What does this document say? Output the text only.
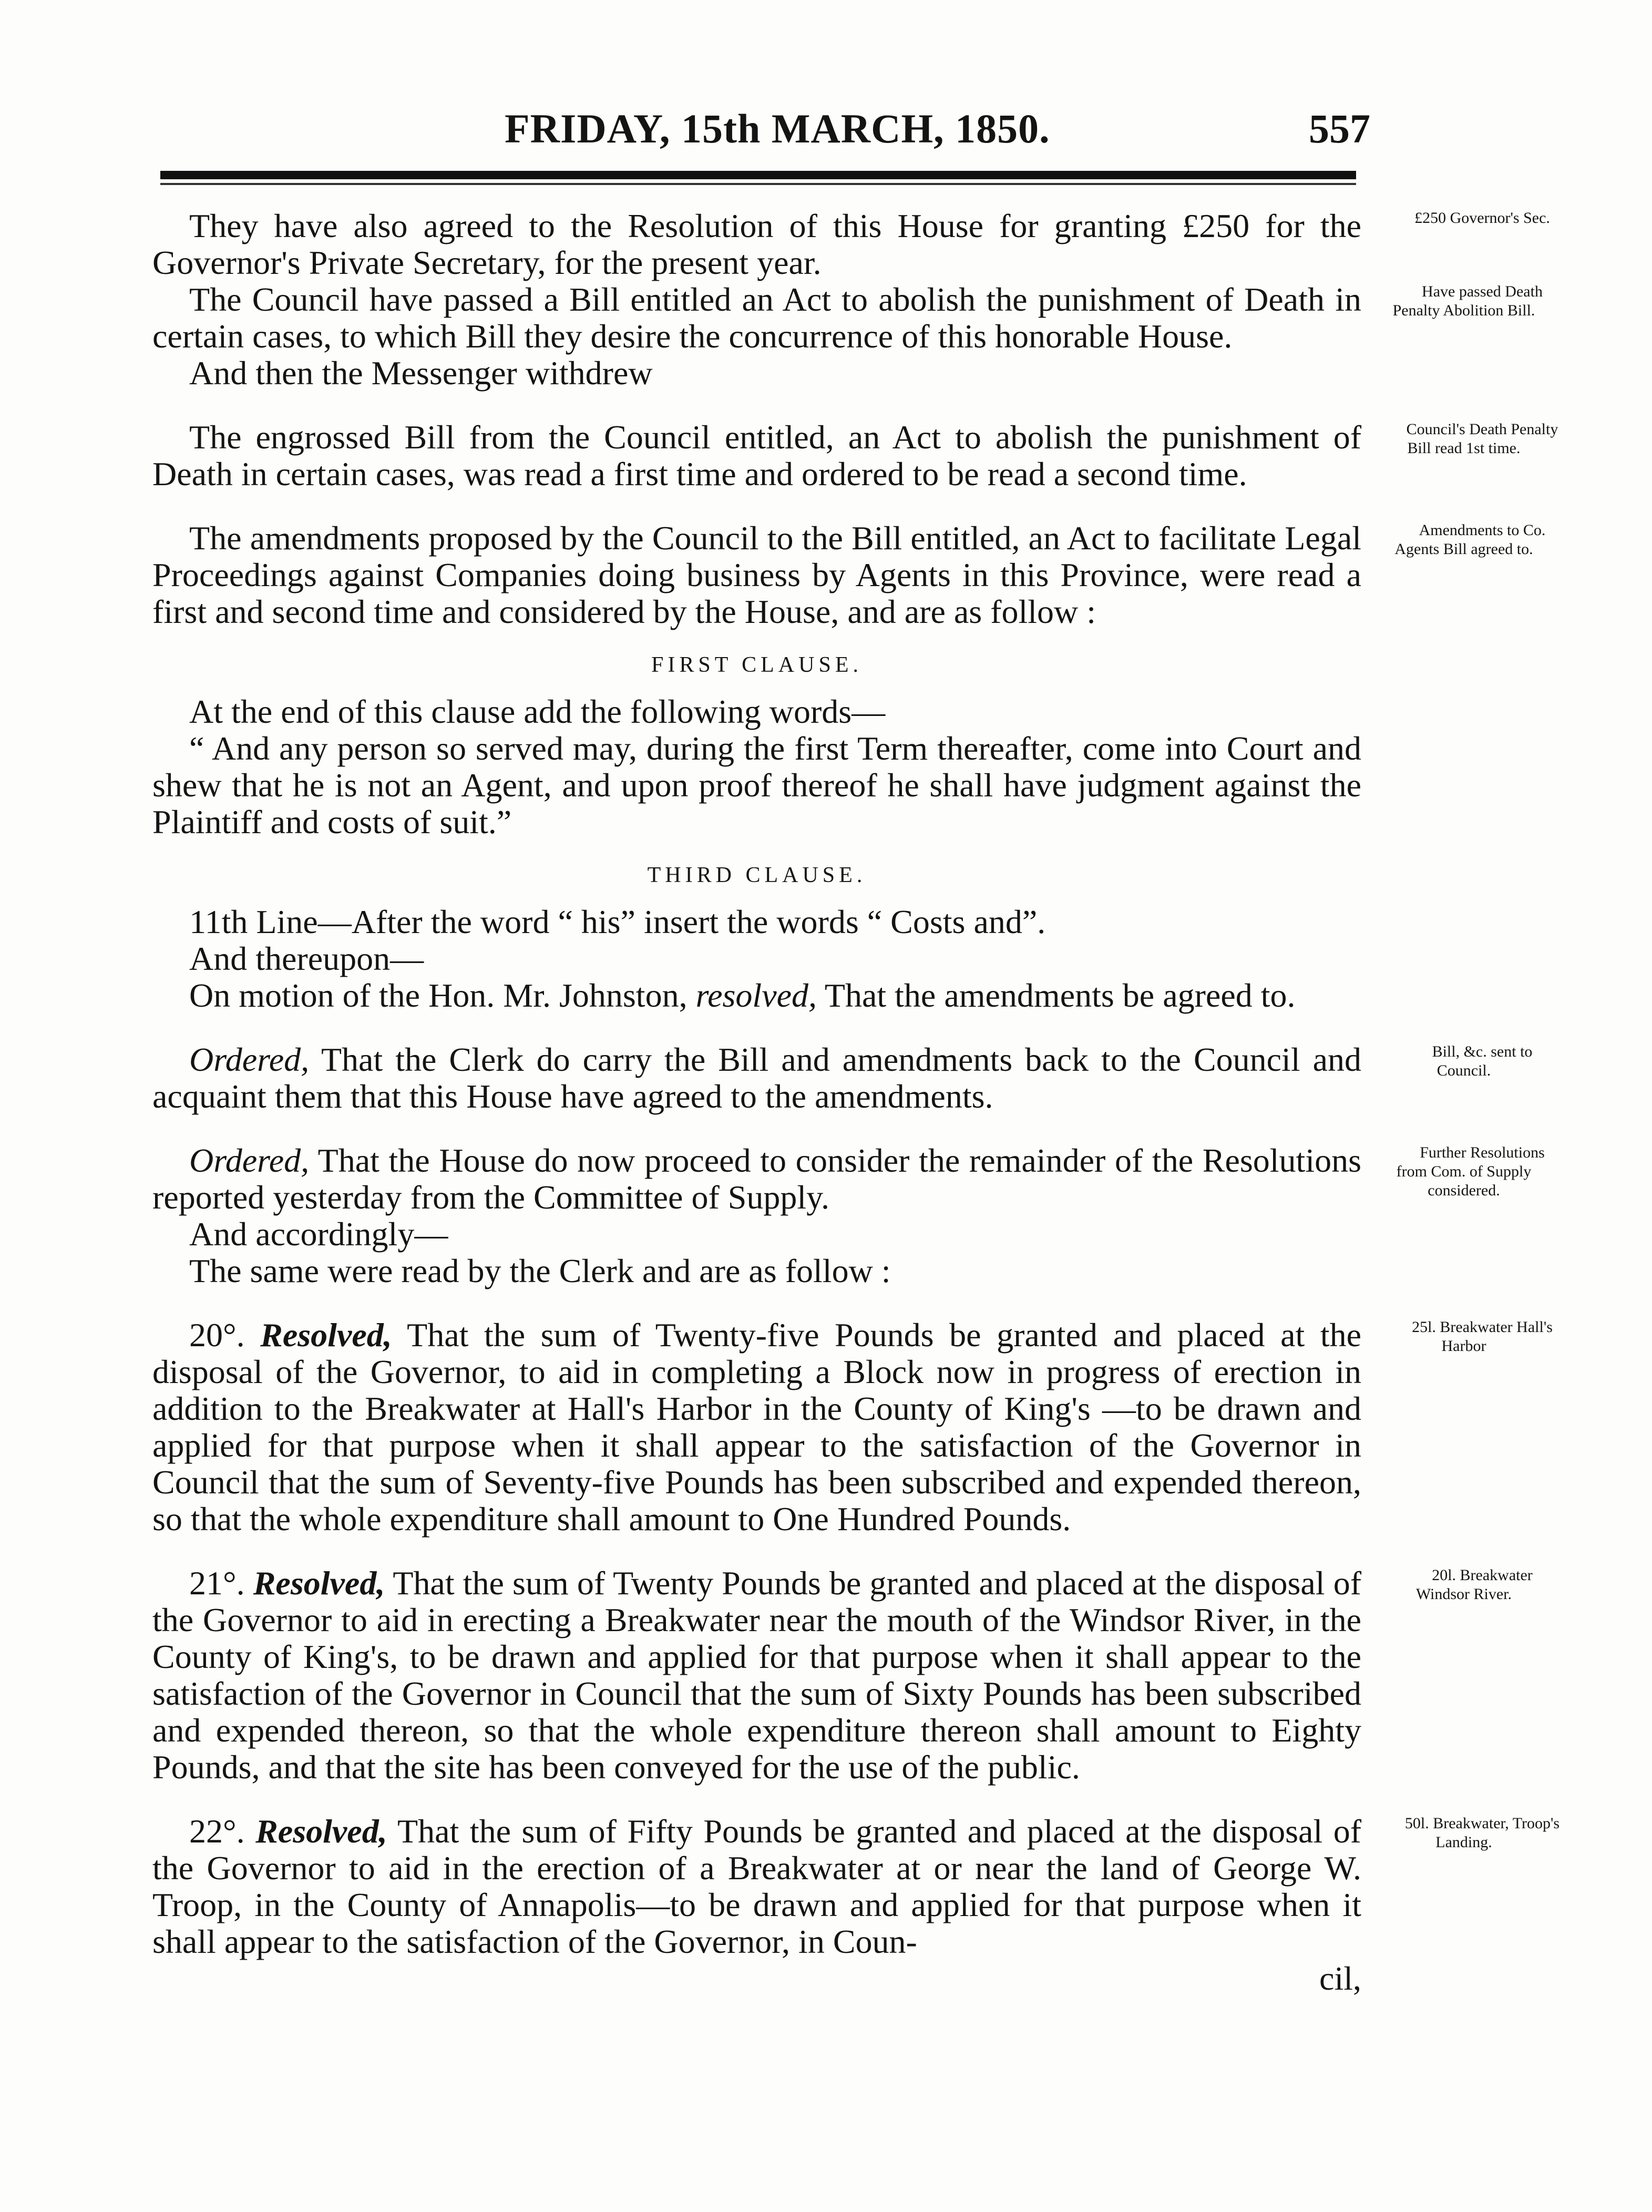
FRIDAY, 15th MARCH, 1850.	557

They have also agreed to the Resolution of this House for granting £250 for the Governor's Private Secretary, for the present year.
£250 Governor's Sec.

The Council have passed a Bill entitled an Act to abolish the punishment of Death in certain cases, to which Bill they desire the concurrence of this honorable House.
Have passed Death Penalty Abolition Bill.

And then the Messenger withdrew

The engrossed Bill from the Council entitled, an Act to abolish the punishment of Death in certain cases, was read a first time and ordered to be read a second time.
Council's Death Penalty Bill read 1st time.

The amendments proposed by the Council to the Bill entitled, an Act to facilitate Legal Proceedings against Companies doing business by Agents in this Province, were read a first and second time and considered by the House, and are as follow :
Amendments to Co. Agents Bill agreed to.

FIRST CLAUSE.

At the end of this clause add the following words—

“ And any person so served may, during the first Term thereafter, come into Court and shew that he is not an Agent, and upon proof thereof he shall have judgment against the Plaintiff and costs of suit.”

THIRD CLAUSE.

11th Line—After the word “ his” insert the words “ Costs and”.

And thereupon—

On motion of the Hon. Mr. Johnston, resolved, That the amendments be agreed to.

Ordered, That the Clerk do carry the Bill and amendments back to the Council and acquaint them that this House have agreed to the amendments.
Bill, &c. sent to Council.

Ordered, That the House do now proceed to consider the remainder of the Resolutions reported yesterday from the Committee of Supply.
Further Resolutions from Com. of Supply considered.

And accordingly—

The same were read by the Clerk and are as follow :

20°. Resolved, That the sum of Twenty-five Pounds be granted and placed at the disposal of the Governor, to aid in completing a Block now in progress of erection in addition to the Breakwater at Hall's Harbor in the County of King's —to be drawn and applied for that purpose when it shall appear to the satisfaction of the Governor in Council that the sum of Seventy-five Pounds has been subscribed and expended thereon, so that the whole expenditure shall amount to One Hundred Pounds.
25l. Breakwater Hall's Harbor

21°. Resolved, That the sum of Twenty Pounds be granted and placed at the disposal of the Governor to aid in erecting a Breakwater near the mouth of the Windsor River, in the County of King's, to be drawn and applied for that purpose when it shall appear to the satisfaction of the Governor in Council that the sum of Sixty Pounds has been subscribed and expended thereon, so that the whole expenditure thereon shall amount to Eighty Pounds, and that the site has been conveyed for the use of the public.
20l. Breakwater Windsor River.

22°. Resolved, That the sum of Fifty Pounds be granted and placed at the disposal of the Governor to aid in the erection of a Breakwater at or near the land of George W. Troop, in the County of Annapolis—to be drawn and applied for that purpose when it shall appear to the satisfaction of the Governor, in Coun-
50l. Breakwater, Troop's Landing.

cil,
